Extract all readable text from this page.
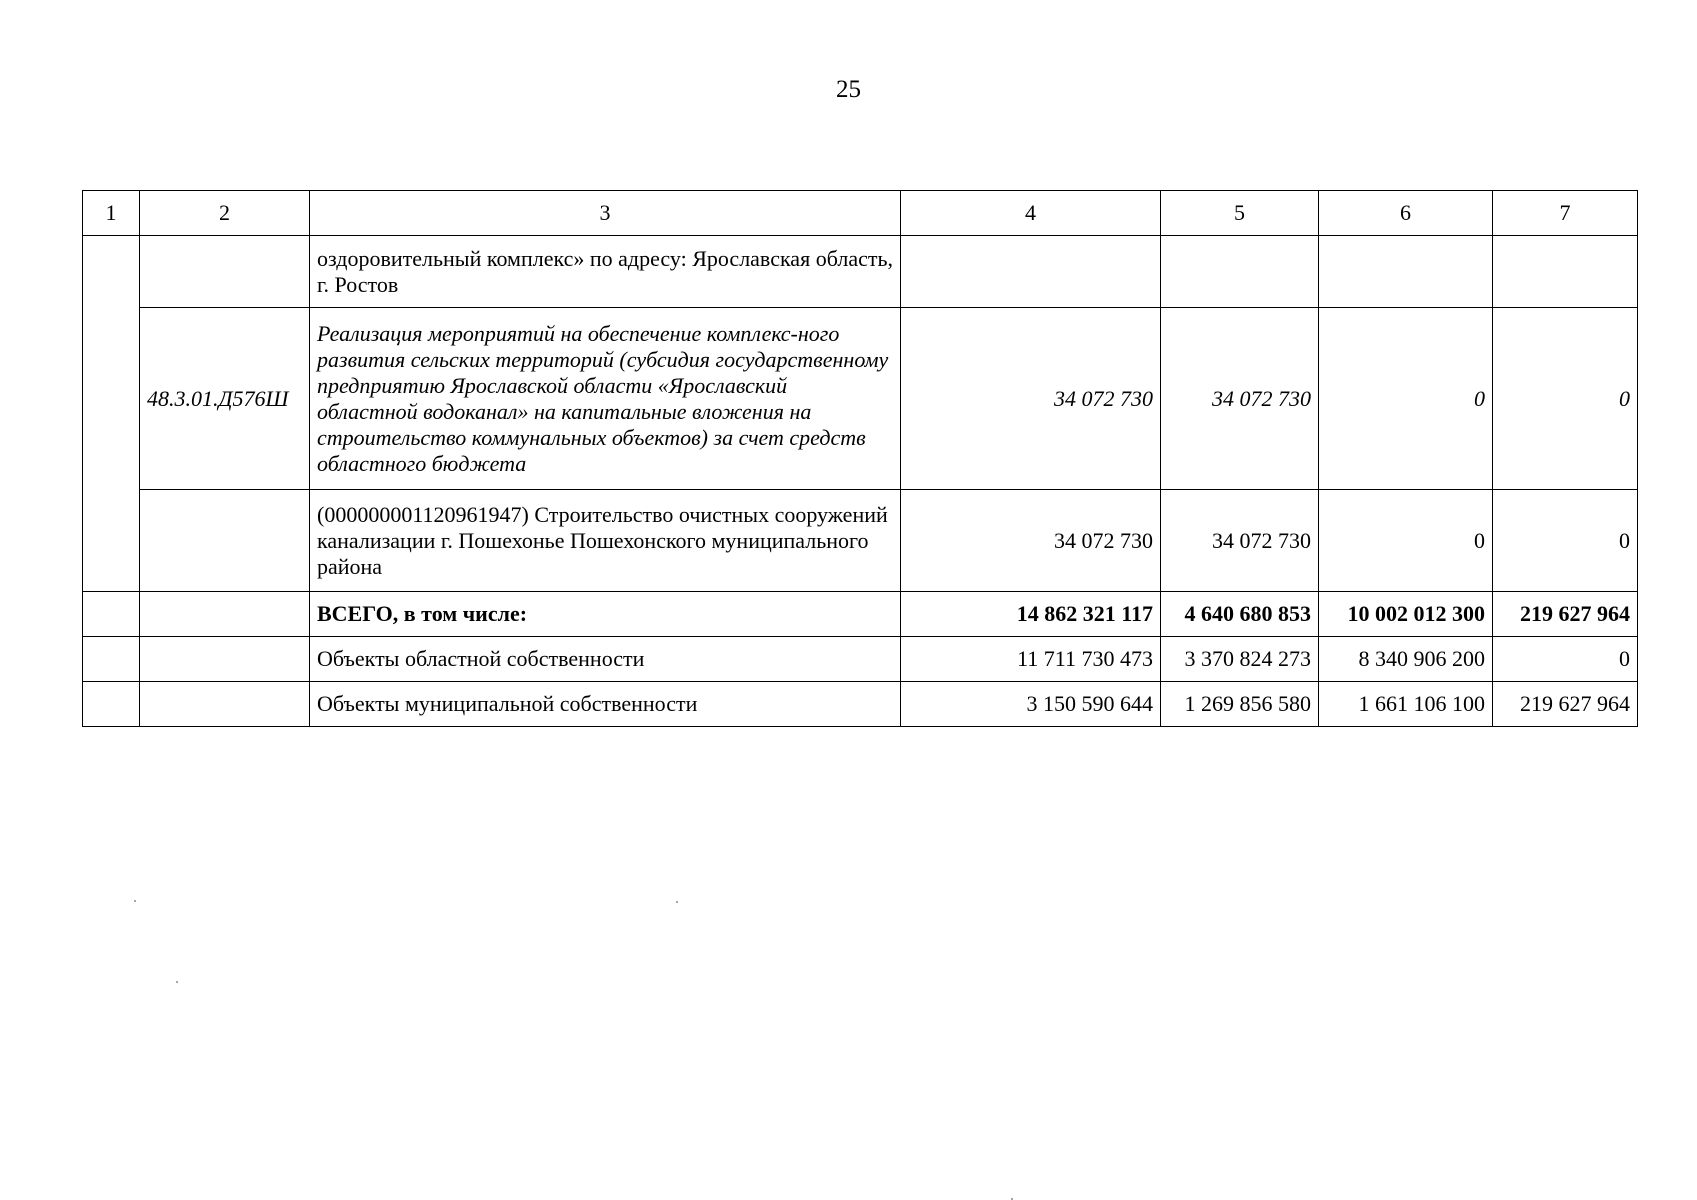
25
1	2	3	4	5	6	7
		оздоровительный комплекс» по адресу: Ярославская область, г. Ростов				
	48.3.01.Д576Ш	Реализация мероприятий на обеспечение комплекс-ного развития сельских территорий (субсидия государственному предприятию Ярославской области «Ярославский областной водоканал» на капитальные вложения на строительство коммунальных объектов) за счет средств областного бюджета	34 072 730	34 072 730	0	0
		(000000001120961947) Строительство очистных сооружений канализации г. Пошехонье Пошехонского муниципального района	34 072 730	34 072 730	0	0
		ВСЕГО, в том числе:	14 862 321 117	4 640 680 853	10 002 012 300	219 627 964
		Объекты областной собственности	11 711 730 473	3 370 824 273	8 340 906 200	0
		Объекты муниципальной собственности	3 150 590 644	1 269 856 580	1 661 106 100	219 627 964
